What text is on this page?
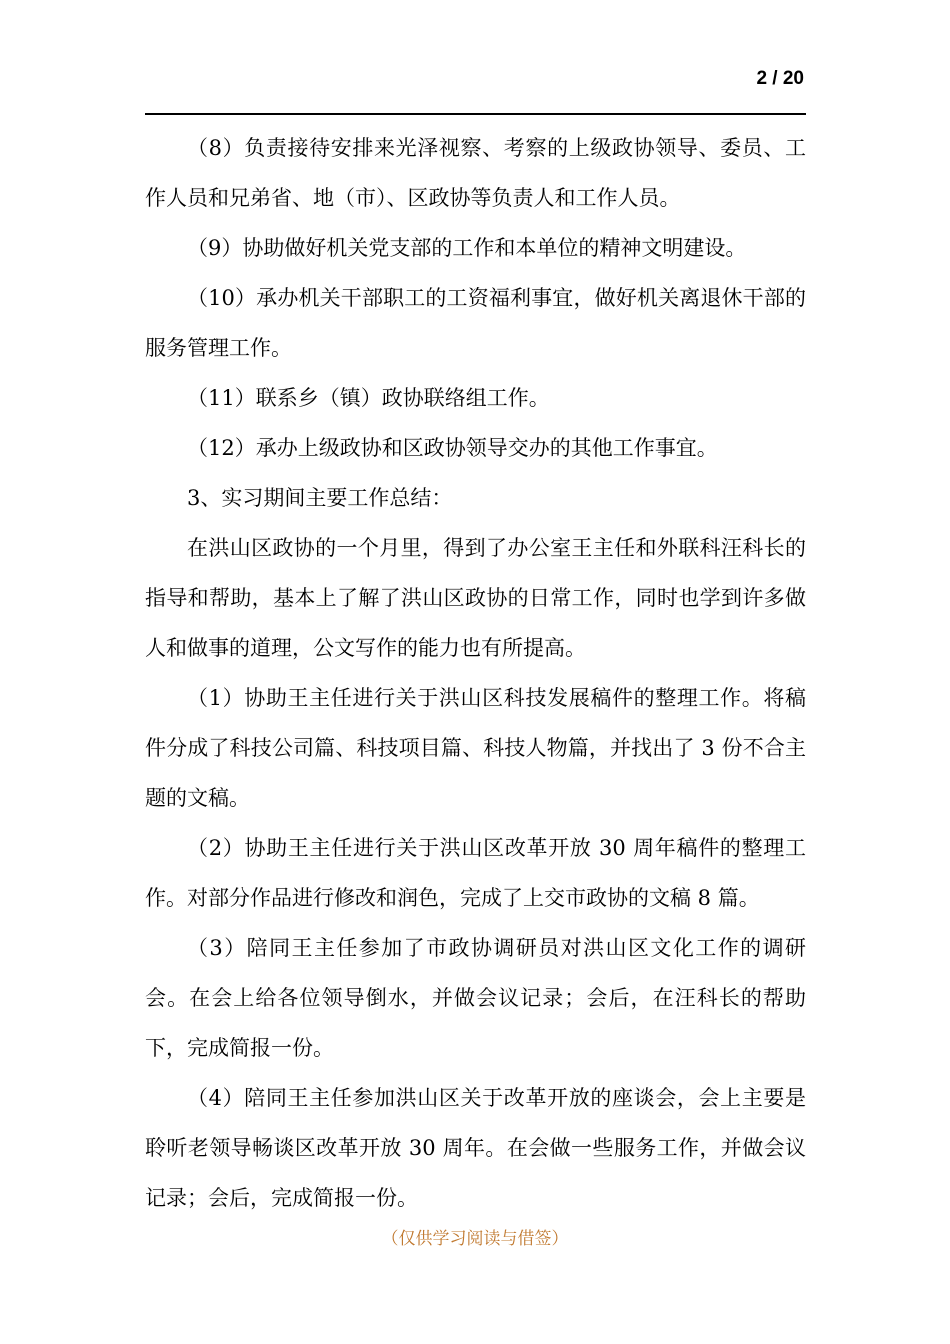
2 / 20

（8）负责接待安排来光泽视察、考察的上级政协领导、委员、工作人员和兄弟省、地（市）、区政协等负责人和工作人员。

（9）协助做好机关党支部的工作和本单位的精神文明建设。

（10）承办机关干部职工的工资福利事宜，做好机关离退休干部的服务管理工作。

（11）联系乡（镇）政协联络组工作。

（12）承办上级政协和区政协领导交办的其他工作事宜。

3、实习期间主要工作总结：

在洪山区政协的一个月里，得到了办公室王主任和外联科汪科长的指导和帮助，基本上了解了洪山区政协的日常工作，同时也学到许多做人和做事的道理，公文写作的能力也有所提高。

（1）协助王主任进行关于洪山区科技发展稿件的整理工作。将稿件分成了科技公司篇、科技项目篇、科技人物篇，并找出了 3 份不合主题的文稿。

（2）协助王主任进行关于洪山区改革开放 30 周年稿件的整理工作。对部分作品进行修改和润色，完成了上交市政协的文稿 8 篇。

（3）陪同王主任参加了市政协调研员对洪山区文化工作的调研会。在会上给各位领导倒水，并做会议记录；会后，在汪科长的帮助下，完成简报一份。

（4）陪同王主任参加洪山区关于改革开放的座谈会，会上主要是聆听老领导畅谈区改革开放 30 周年。在会做一些服务工作，并做会议记录；会后，完成简报一份。

（仅供学习阅读与借签）
